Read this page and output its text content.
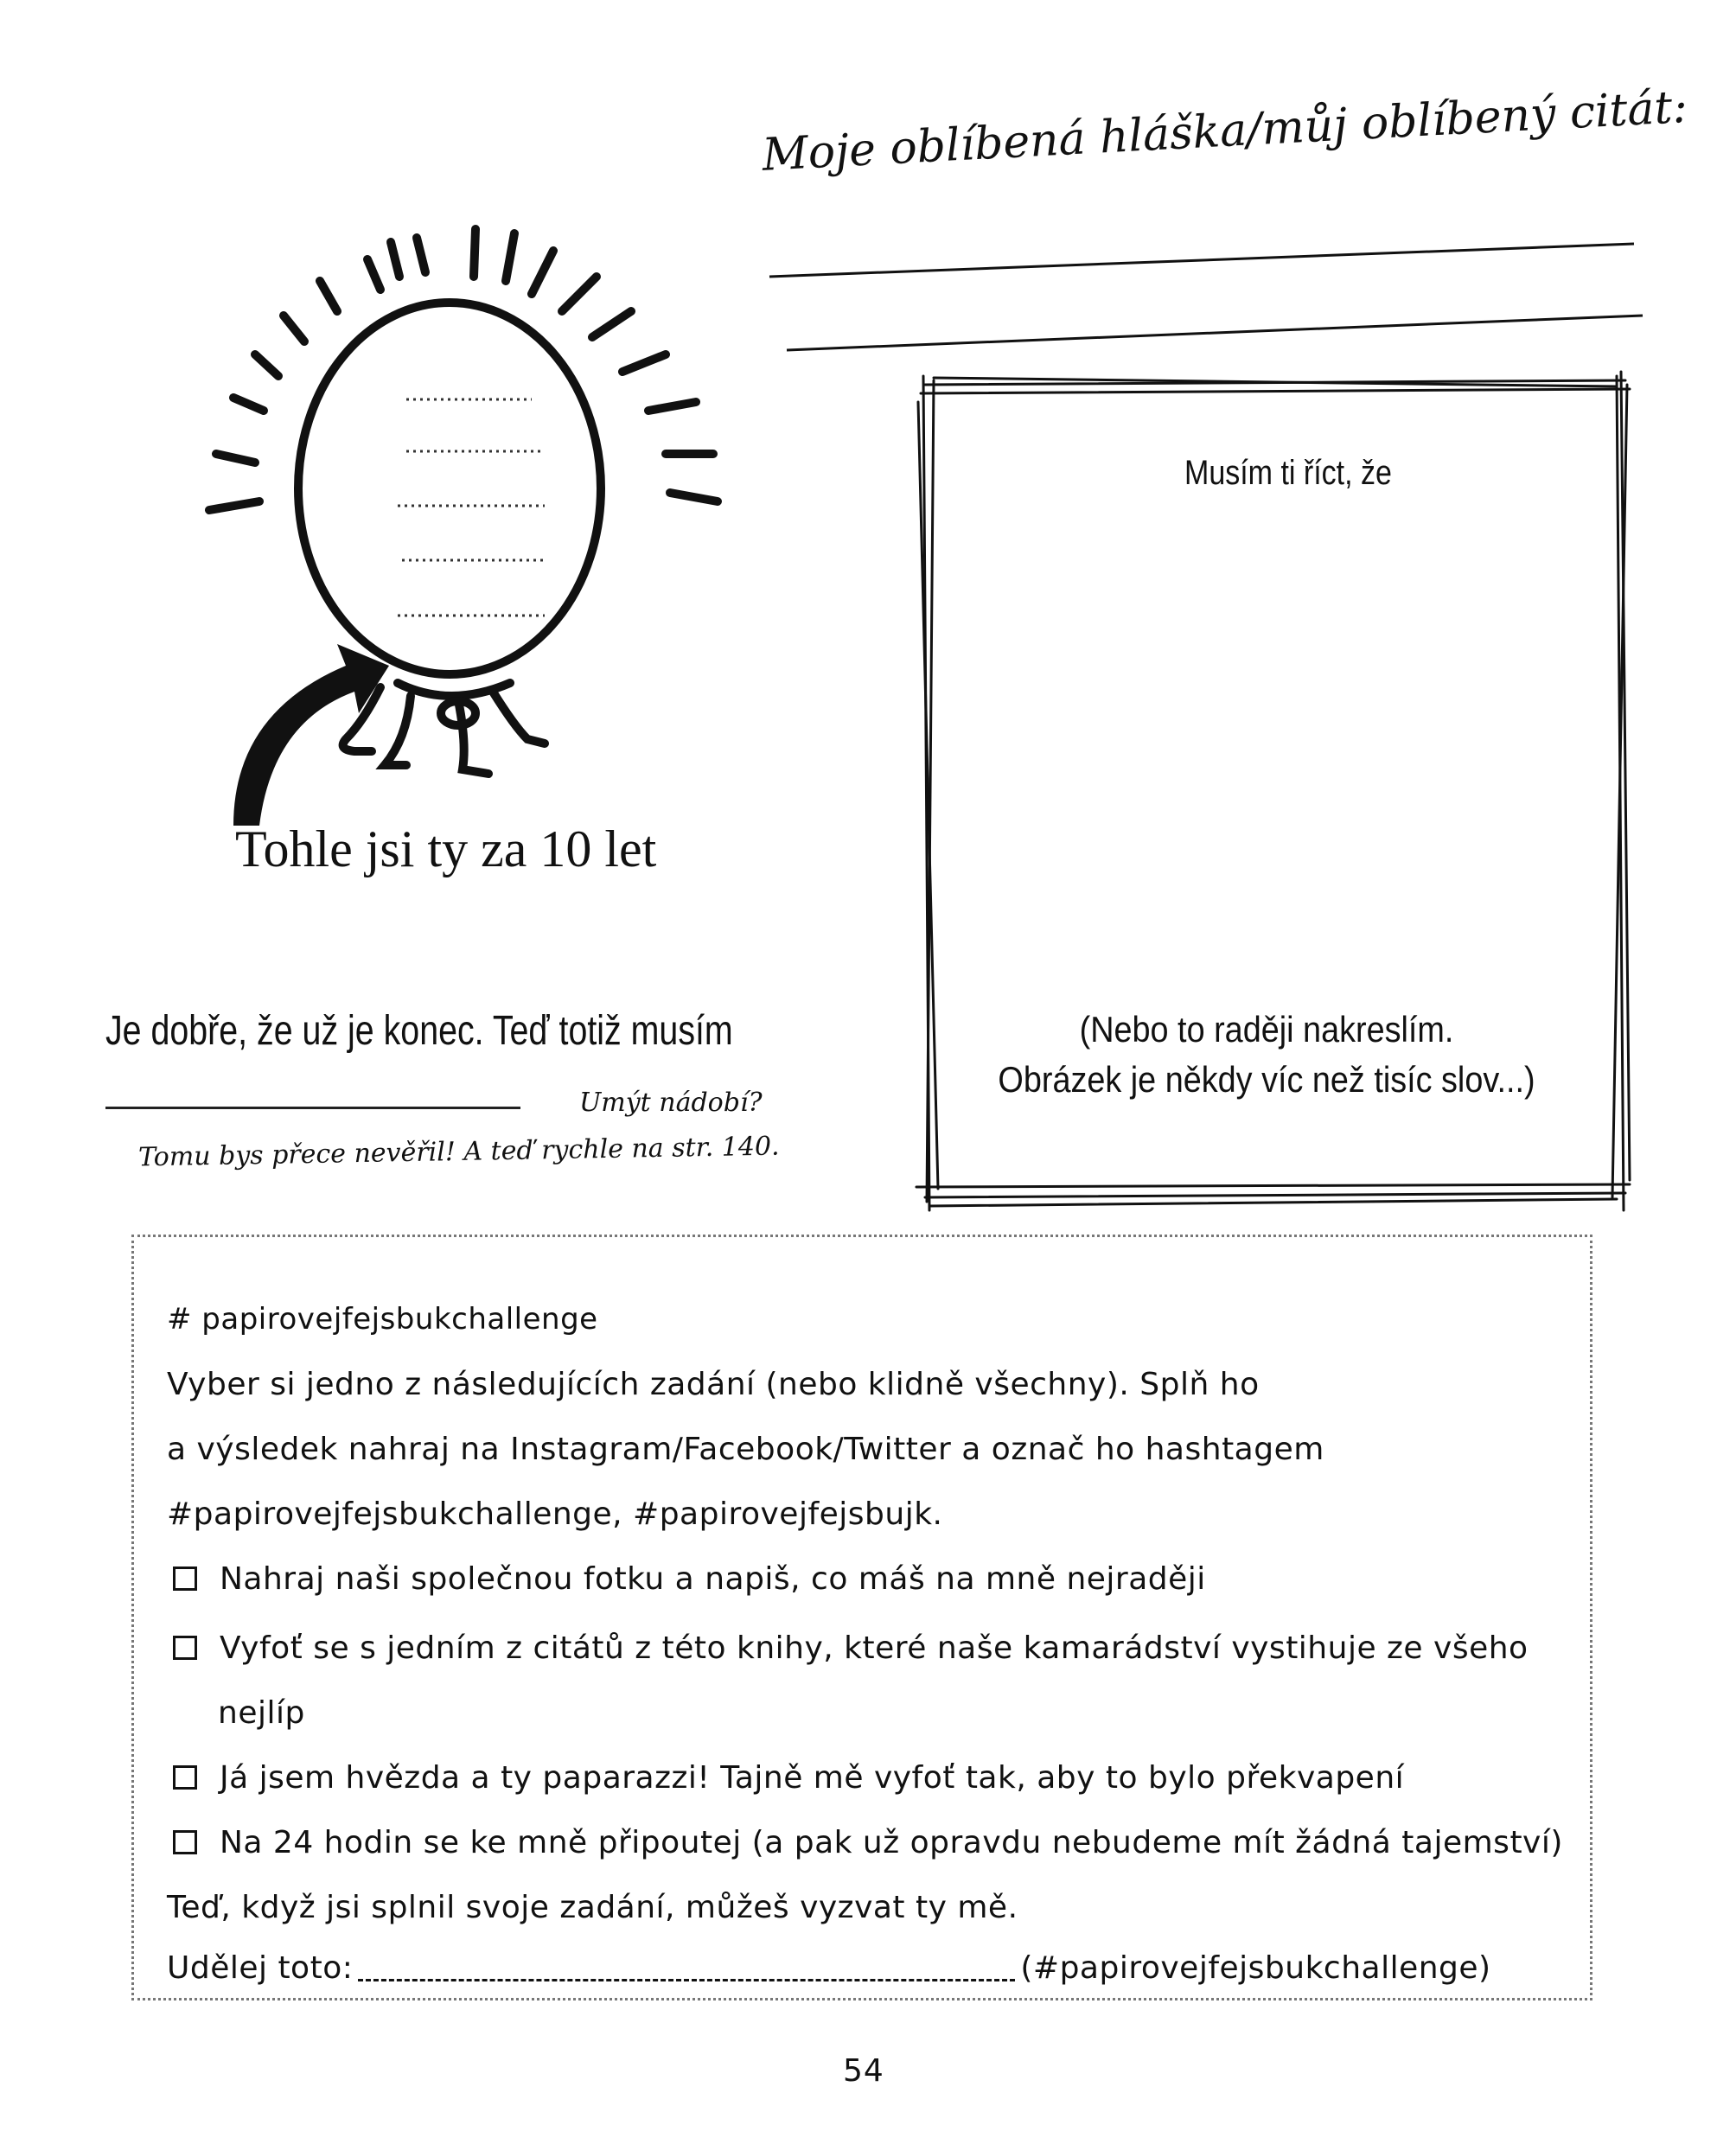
Moje oblíbená hláška/můj oblíbený citát:
Tohle jsi ty za 10 let
Je dobře, že už je konec. Teď totiž musím
Umýt nádobí?
Tomu bys přece nevěřil! A teď rychle na str. 140.
Musím ti říct, že
(Nebo to raději nakreslím.
Obrázek je někdy víc než tisíc slov...)
# papirovejfejsbukchallenge
Vyber si jedno z následujících zadání (nebo klidně všechny). Splň ho
a výsledek nahraj na Instagram/Facebook/Twitter a označ ho hashtagem
#papirovejfejsbukchallenge, #papirovejfejsbujk.
Nahraj naši společnou fotku a napiš, co máš na mně nejraději
Vyfoť se s jedním z citátů z této knihy, které naše kamarádství vystihuje ze všeho
nejlíp
Já jsem hvězda a ty paparazzi! Tajně mě vyfoť tak, aby to bylo překvapení
Na 24 hodin se ke mně připoutej (a pak už opravdu nebudeme mít žádná tajemství)
Teď, když jsi splnil svoje zadání, můžeš vyzvat ty mě.
Udělej toto:	(#papirovejfejsbukchallenge)
54
